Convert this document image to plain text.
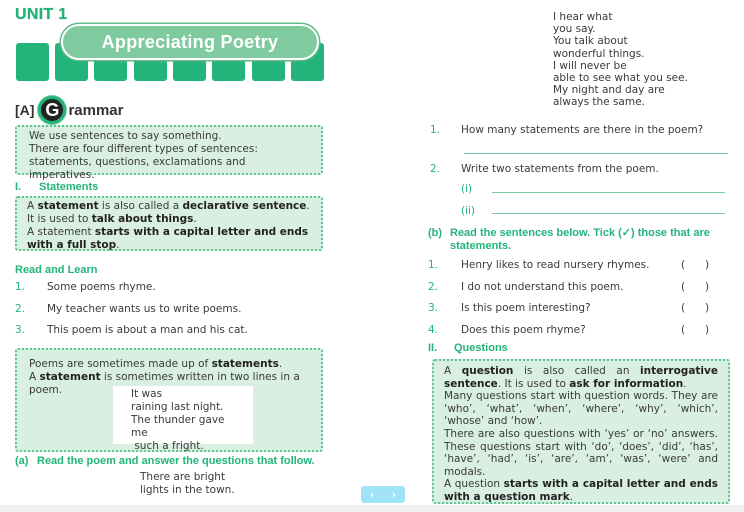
UNIT 1
Appreciating Poetry
[A] G rammar
We use sentences to say something.
There are four different types of sentences: statements, questions, exclamations and imperatives.
I. Statements
A statement is also called a declarative sentence. It is used to talk about things.
A statement starts with a capital letter and ends with a full stop.
Read and Learn
1.	Some poems rhyme.
2.	My teacher wants us to write poems.
3.	This poem is about a man and his cat.
Poems are sometimes made up of statements.
A statement is sometimes written in two lines in a poem.	It was
raining last night.
The thunder gave me
such a fright.
(a) Read the poem and answer the questions that follow.
There are bright
lights in the town.
I hear what
you say.
You talk about
wonderful things.
I will never be
able to see what you see.
My night and day are
always the same.
1. How many statements are there in the poem?
2. Write two statements from the poem.
(i)
(ii)
(b) Read the sentences below. Tick (✓) those that are
statements.
1.	Henry likes to read nursery rhymes.	( )
2.	I do not understand this poem.	( )
3.	Is this poem interesting?	( )
4.	Does this poem rhyme?	( )
II. Questions
A question is also called an interrogative sentence. It is used to ask for information.
Many questions start with question words. They are ‘who’, ‘what’, ‘when’, ‘where’, ‘why’, ‘which’, ‘whose’ and ‘how’.
There are also questions with ‘yes’ or ‘no’ answers. These questions start with ‘do’, ‘does’, ‘did’, ‘has’, ‘have’, ‘had’, ‘is’, ‘are’, ‘am’, ‘was’, ‘were’ and modals.
A question starts with a capital letter and ends with a question mark.
‹ ›
